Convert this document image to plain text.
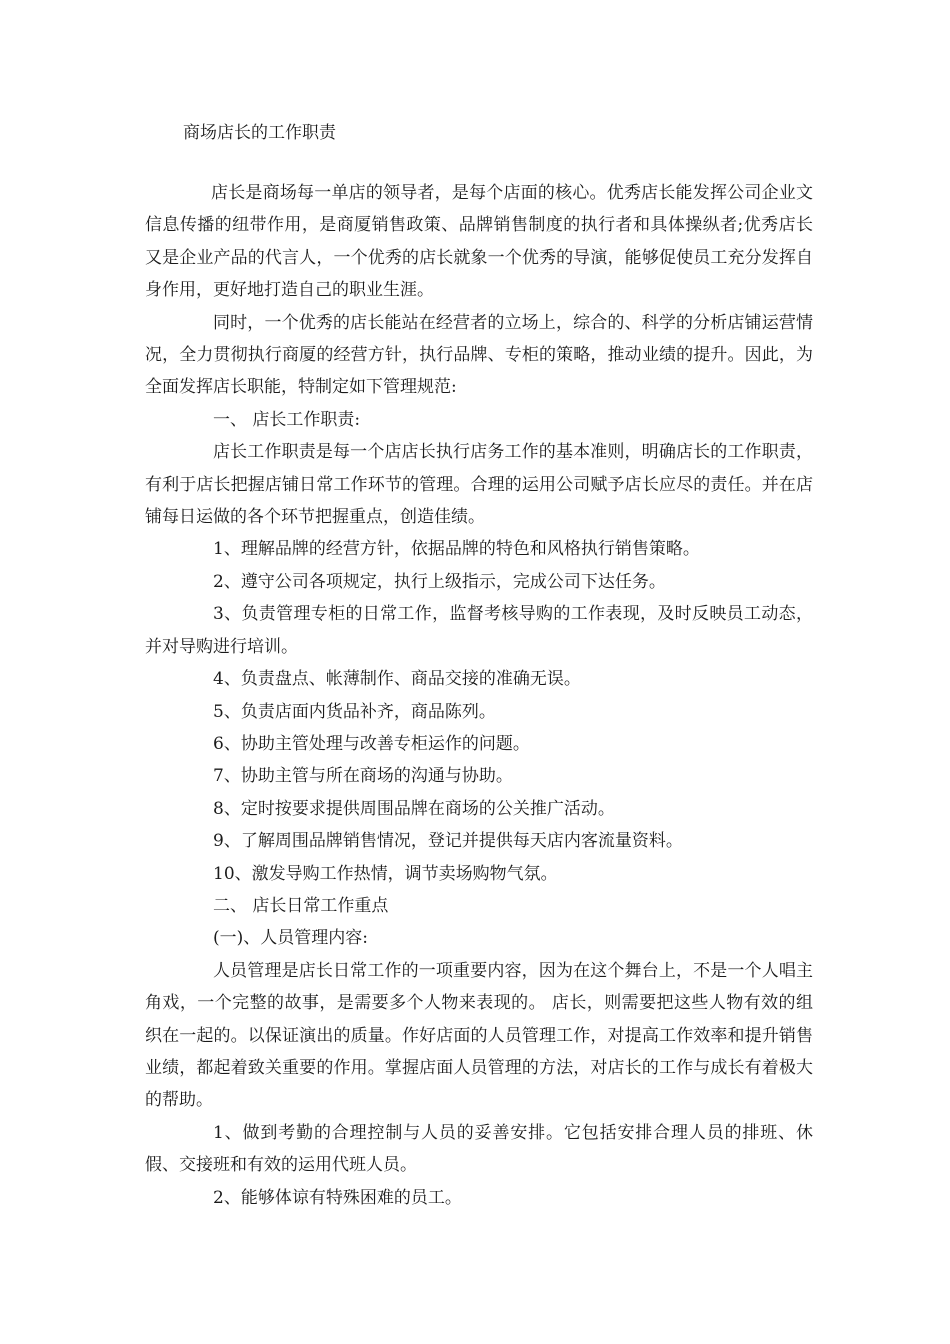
商场店长的工作职责

店长是商场每一单店的领导者，是每个店面的核心。优秀店长能发挥公司企业文信息传播的纽带作用，是商厦销售政策、品牌销售制度的执行者和具体操纵者;优秀店长又是企业产品的代言人，一个优秀的店长就象一个优秀的导演，能够促使员工充分发挥自身作用，更好地打造自己的职业生涯。

同时，一个优秀的店长能站在经营者的立场上，综合的、科学的分析店铺运营情况，全力贯彻执行商厦的经营方针，执行品牌、专柜的策略，推动业绩的提升。因此，为全面发挥店长职能，特制定如下管理规范:

一、 店长工作职责:

店长工作职责是每一个店店长执行店务工作的基本准则，明确店长的工作职责，有利于店长把握店铺日常工作环节的管理。合理的运用公司赋予店长应尽的责任。并在店铺每日运做的各个环节把握重点，创造佳绩。

1、理解品牌的经营方针，依据品牌的特色和风格执行销售策略。

2、遵守公司各项规定，执行上级指示，完成公司下达任务。

3、负责管理专柜的日常工作，监督考核导购的工作表现，及时反映员工动态，并对导购进行培训。

4、负责盘点、帐薄制作、商品交接的准确无误。

5、负责店面内货品补齐，商品陈列。

6、协助主管处理与改善专柜运作的问题。

7、协助主管与所在商场的沟通与协助。

8、定时按要求提供周围品牌在商场的公关推广活动。

9、了解周围品牌销售情况，登记并提供每天店内客流量资料。

10、激发导购工作热情，调节卖场购物气氛。

二、 店长日常工作重点

(一)、人员管理内容:

人员管理是店长日常工作的一项重要内容，因为在这个舞台上，不是一个人唱主角戏，一个完整的故事，是需要多个人物来表现的。 店长，则需要把这些人物有效的组织在一起的。以保证演出的质量。作好店面的人员管理工作，对提高工作效率和提升销售业绩，都起着致关重要的作用。掌握店面人员管理的方法，对店长的工作与成长有着极大的帮助。

1、做到考勤的合理控制与人员的妥善安排。它包括安排合理人员的排班、休假、交接班和有效的运用代班人员。

2、能够体谅有特殊困难的员工。
